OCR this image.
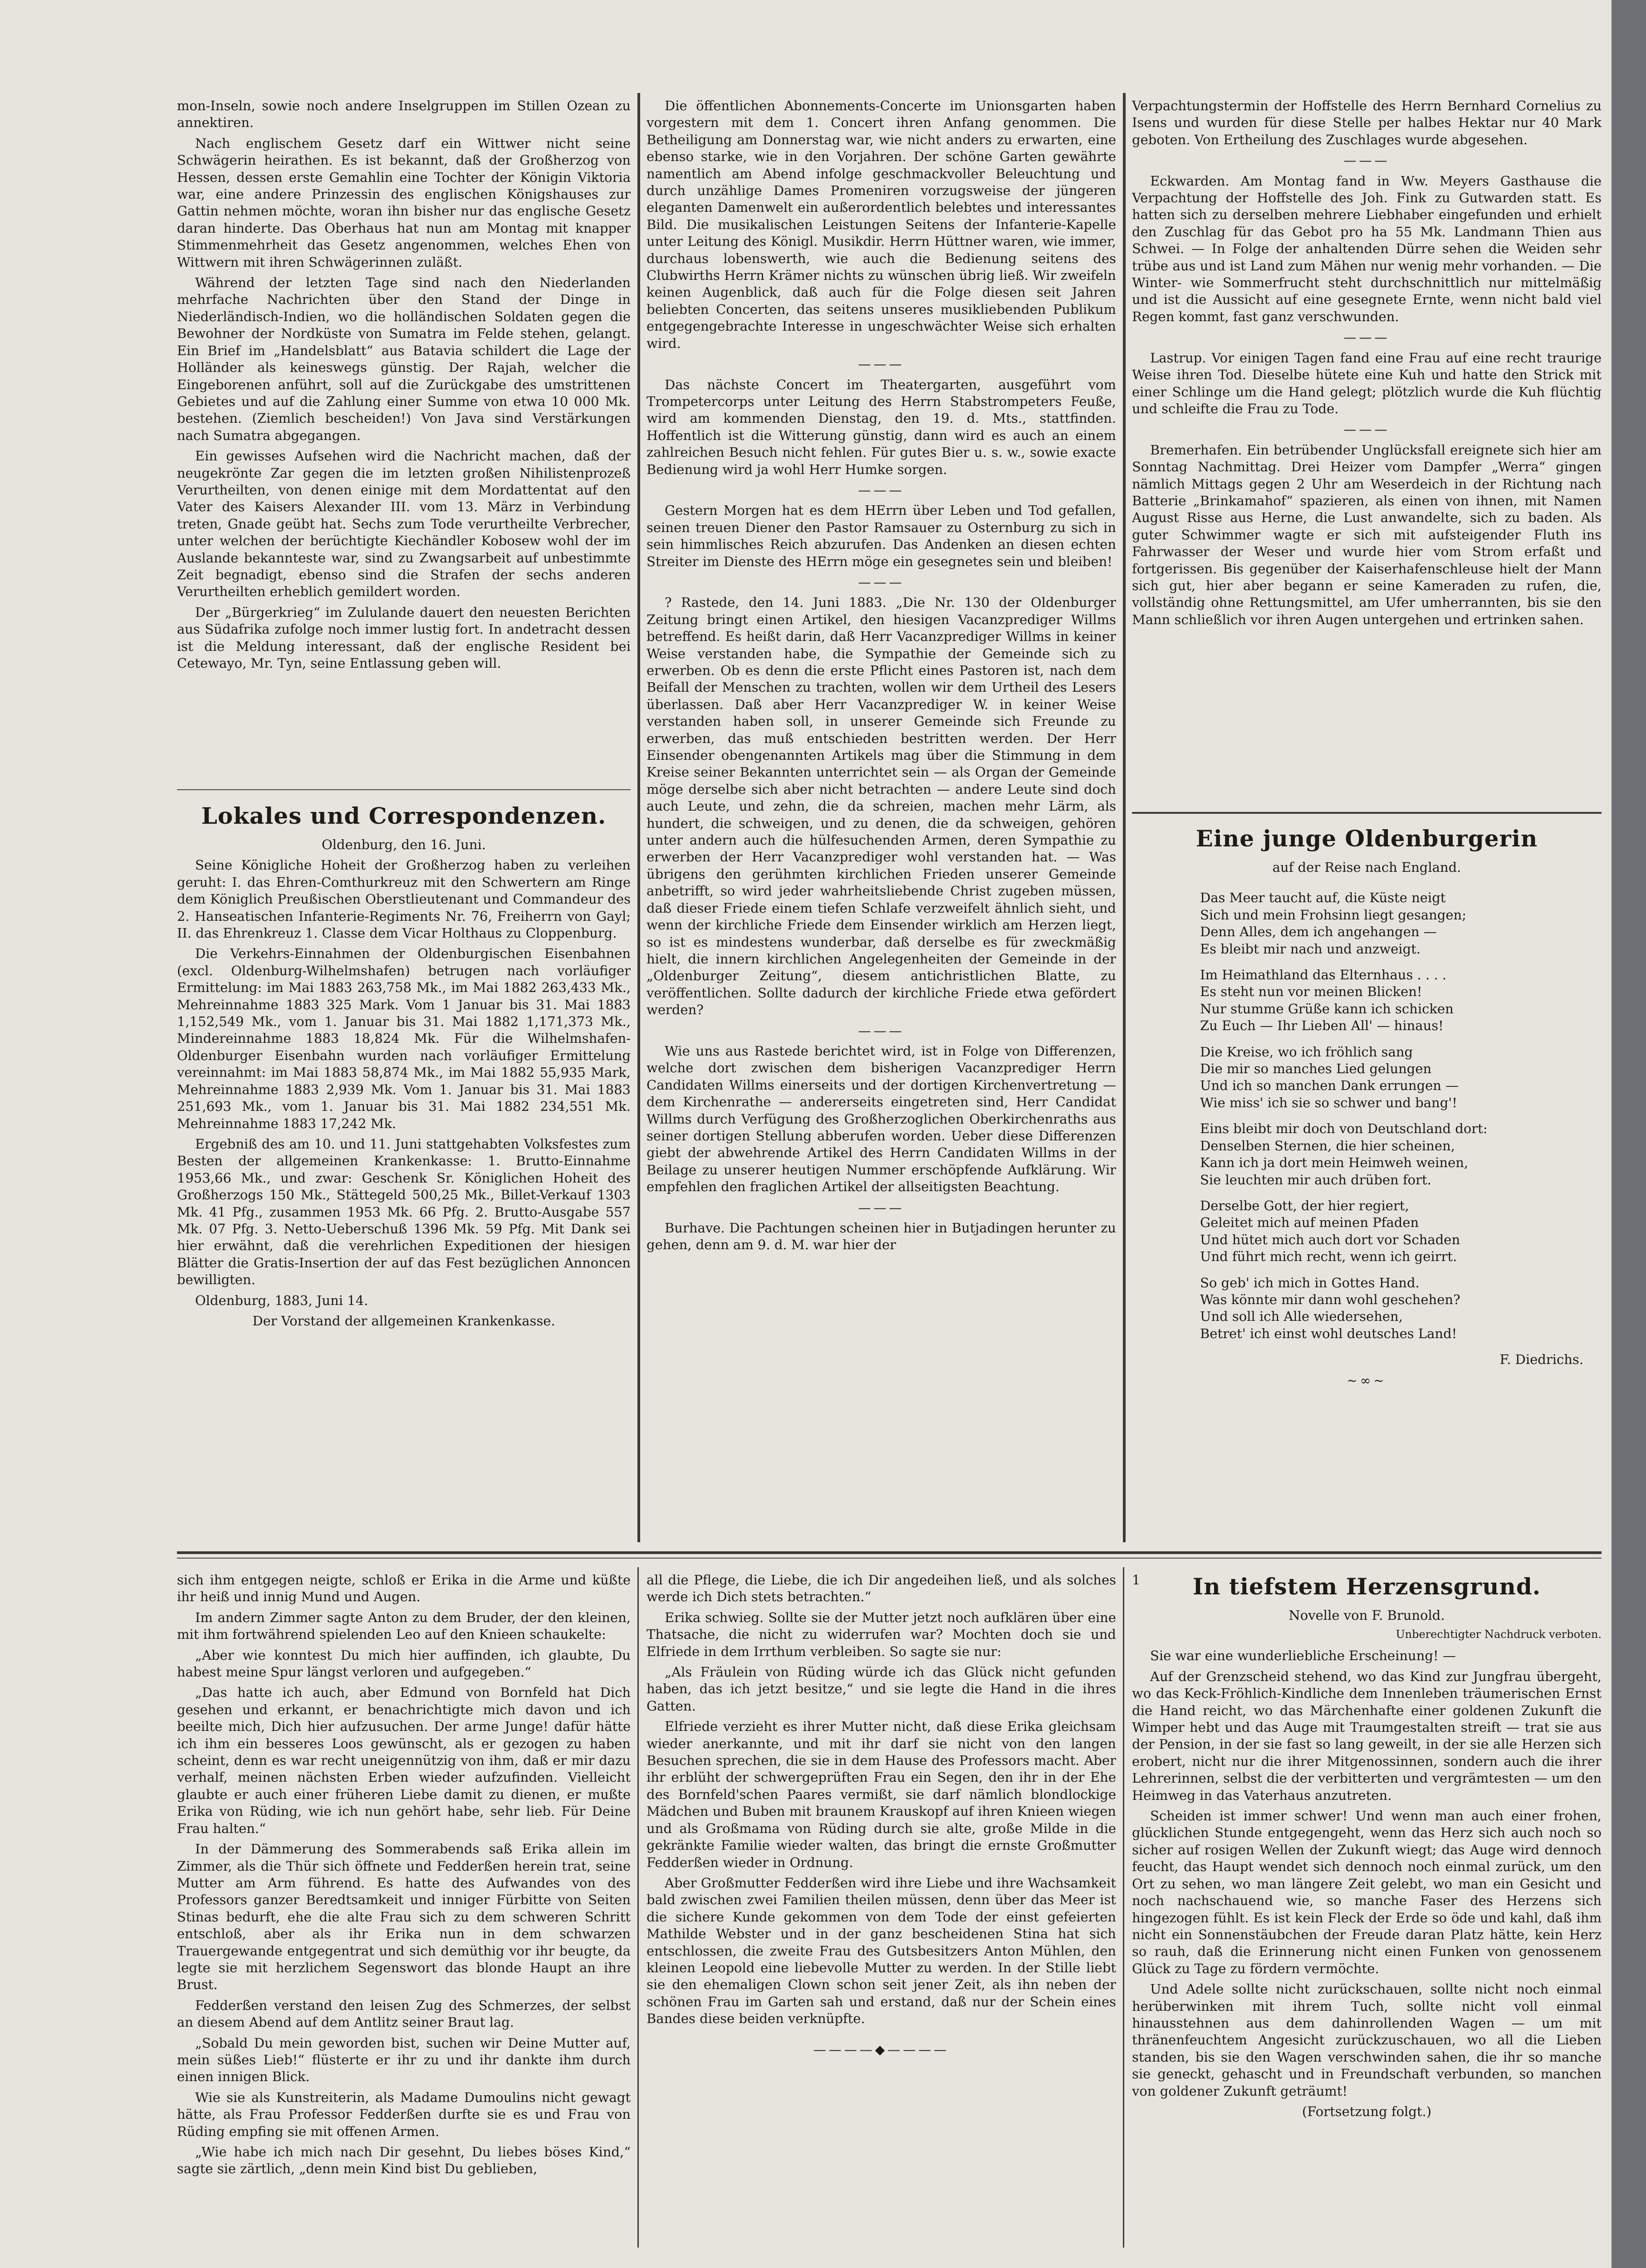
mon-Inseln, sowie noch andere Inselgruppen im Stillen Ozean zu annektiren.

Nach englischem Gesetz darf ein Wittwer nicht seine Schwägerin heirathen. Es ist bekannt, daß der Großherzog von Hessen, dessen erste Gemahlin eine Tochter der Königin Viktoria war, eine andere Prinzessin des englischen Königshauses zur Gattin nehmen möchte, woran ihn bisher nur das englische Gesetz daran hinderte. Das Oberhaus hat nun am Montag mit knapper Stimmenmehrheit das Gesetz angenommen, welches Ehen von Wittwern mit ihren Schwägerinnen zuläßt.

Während der letzten Tage sind nach den Niederlanden mehrfache Nachrichten über den Stand der Dinge in Niederländisch-Indien, wo die holländischen Soldaten gegen die Bewohner der Nordküste von Sumatra im Felde stehen, gelangt. Ein Brief im „Handelsblatt“ aus Batavia schildert die Lage der Holländer als keineswegs günstig. Der Rajah, welcher die Eingeborenen anführt, soll auf die Zurückgabe des umstrittenen Gebietes und auf die Zahlung einer Summe von etwa 10 000 Mk. bestehen. (Ziemlich bescheiden!) Von Java sind Verstärkungen nach Sumatra abgegangen.

Ein gewisses Aufsehen wird die Nachricht machen, daß der neugekrönte Zar gegen die im letzten großen Nihilistenprozeß Verurtheilten, von denen einige mit dem Mordattentat auf den Vater des Kaisers Alexander III. vom 13. März in Verbindung treten, Gnade geübt hat. Sechs zum Tode verurtheilte Verbrecher, unter welchen der berüchtigte Kiechändler Kobosew wohl der im Auslande bekannteste war, sind zu Zwangsarbeit auf unbestimmte Zeit begnadigt, ebenso sind die Strafen der sechs anderen Verurtheilten erheblich gemildert worden.

Der „Bürgerkrieg“ im Zululande dauert den neuesten Berichten aus Südafrika zufolge noch immer lustig fort. In andetracht dessen ist die Meldung interessant, daß der englische Resident bei Cetewayo, Mr. Tyn, seine Entlassung geben will.

Lokales und Correspondenzen.

Oldenburg, den 16. Juni.

Seine Königliche Hoheit der Großherzog haben zu verleihen geruht: I. das Ehren-Comthurkreuz mit den Schwertern am Ringe dem Königlich Preußischen Oberstlieutenant und Commandeur des 2. Hanseatischen Infanterie-Regiments Nr. 76, Freiherrn von Gayl; II. das Ehrenkreuz 1. Classe dem Vicar Holthaus zu Cloppenburg.

Die Verkehrs-Einnahmen der Oldenburgischen Eisenbahnen (excl. Oldenburg-Wilhelmshafen) betrugen nach vorläufiger Ermittelung: im Mai 1883 263,758 Mk., im Mai 1882 263,433 Mk., Mehreinnahme 1883 325 Mark. Vom 1 Januar bis 31. Mai 1883 1,152,549 Mk., vom 1. Januar bis 31. Mai 1882 1,171,373 Mk., Mindereinnahme 1883 18,824 Mk. Für die Wilhelmshafen-Oldenburger Eisenbahn wurden nach vorläufiger Ermittelung vereinnahmt: im Mai 1883 58,874 Mk., im Mai 1882 55,935 Mark, Mehreinnahme 1883 2,939 Mk. Vom 1. Januar bis 31. Mai 1883 251,693 Mk., vom 1. Januar bis 31. Mai 1882 234,551 Mk. Mehreinnahme 1883 17,242 Mk.

Ergebniß des am 10. und 11. Juni stattgehabten Volksfestes zum Besten der allgemeinen Krankenkasse: 1. Brutto-Einnahme 1953,66 Mk., und zwar: Geschenk Sr. Königlichen Hoheit des Großherzogs 150 Mk., Stättegeld 500,25 Mk., Billet-Verkauf 1303 Mk. 41 Pfg., zusammen 1953 Mk. 66 Pfg. 2. Brutto-Ausgabe 557 Mk. 07 Pfg. 3. Netto-Ueberschuß 1396 Mk. 59 Pfg. Mit Dank sei hier erwähnt, daß die verehrlichen Expeditionen der hiesigen Blätter die Gratis-Insertion der auf das Fest bezüglichen Annoncen bewilligten.

Oldenburg, 1883, Juni 14.

Der Vorstand der allgemeinen Krankenkasse.

Die öffentlichen Abonnements-Concerte im Unionsgarten haben vorgestern mit dem 1. Concert ihren Anfang genommen. Die Betheiligung am Donnerstag war, wie nicht anders zu erwarten, eine ebenso starke, wie in den Vorjahren. Der schöne Garten gewährte namentlich am Abend infolge geschmackvoller Beleuchtung und durch unzählige Dames Promeniren vorzugsweise der jüngeren eleganten Damenwelt ein außerordentlich belebtes und interessantes Bild. Die musikalischen Leistungen Seitens der Infanterie-Kapelle unter Leitung des Königl. Musikdir. Herrn Hüttner waren, wie immer, durchaus lobenswerth, wie auch die Bedienung seitens des Clubwirths Herrn Krämer nichts zu wünschen übrig ließ. Wir zweifeln keinen Augenblick, daß auch für die Folge diesen seit Jahren beliebten Concerten, das seitens unseres musikliebenden Publikum entgegengebrachte Interesse in ungeschwächter Weise sich erhalten wird.

———

Das nächste Concert im Theatergarten, ausgeführt vom Trompetercorps unter Leitung des Herrn Stabstrompeters Feuße, wird am kommenden Dienstag, den 19. d. Mts., stattfinden. Hoffentlich ist die Witterung günstig, dann wird es auch an einem zahlreichen Besuch nicht fehlen. Für gutes Bier u. s. w., sowie exacte Bedienung wird ja wohl Herr Humke sorgen.

———

Gestern Morgen hat es dem HErrn über Leben und Tod gefallen, seinen treuen Diener den Pastor Ramsauer zu Osternburg zu sich in sein himmlisches Reich abzurufen. Das Andenken an diesen echten Streiter im Dienste des HErrn möge ein gesegnetes sein und bleiben!

———

? Rastede, den 14. Juni 1883. „Die Nr. 130 der Oldenburger Zeitung bringt einen Artikel, den hiesigen Vacanzprediger Willms betreffend. Es heißt darin, daß Herr Vacanzprediger Willms in keiner Weise verstanden habe, die Sympathie der Gemeinde sich zu erwerben. Ob es denn die erste Pflicht eines Pastoren ist, nach dem Beifall der Menschen zu trachten, wollen wir dem Urtheil des Lesers überlassen. Daß aber Herr Vacanzprediger W. in keiner Weise verstanden haben soll, in unserer Gemeinde sich Freunde zu erwerben, das muß entschieden bestritten werden. Der Herr Einsender obengenannten Artikels mag über die Stimmung in dem Kreise seiner Bekannten unterrichtet sein — als Organ der Gemeinde möge derselbe sich aber nicht betrachten — andere Leute sind doch auch Leute, und zehn, die da schreien, machen mehr Lärm, als hundert, die schweigen, und zu denen, die da schweigen, gehören unter andern auch die hülfesuchenden Armen, deren Sympathie zu erwerben der Herr Vacanzprediger wohl verstanden hat. — Was übrigens den gerühmten kirchlichen Frieden unserer Gemeinde anbetrifft, so wird jeder wahrheitsliebende Christ zugeben müssen, daß dieser Friede einem tiefen Schlafe verzweifelt ähnlich sieht, und wenn der kirchliche Friede dem Einsender wirklich am Herzen liegt, so ist es mindestens wunderbar, daß derselbe es für zweckmäßig hielt, die innern kirchlichen Angelegenheiten der Gemeinde in der „Oldenburger Zeitung“, diesem antichristlichen Blatte, zu veröffentlichen. Sollte dadurch der kirchliche Friede etwa gefördert werden?

———

Wie uns aus Rastede berichtet wird, ist in Folge von Differenzen, welche dort zwischen dem bisherigen Vacanzprediger Herrn Candidaten Willms einerseits und der dortigen Kirchenvertretung — dem Kirchenrathe — andererseits eingetreten sind, Herr Candidat Willms durch Verfügung des Großherzoglichen Oberkirchenraths aus seiner dortigen Stellung abberufen worden. Ueber diese Differenzen giebt der abwehrende Artikel des Herrn Candidaten Willms in der Beilage zu unserer heutigen Nummer erschöpfende Aufklärung. Wir empfehlen den fraglichen Artikel der allseitigsten Beachtung.

———

Burhave. Die Pachtungen scheinen hier in Butjadingen herunter zu gehen, denn am 9. d. M. war hier der

Verpachtungstermin der Hoffstelle des Herrn Bernhard Cornelius zu Isens und wurden für diese Stelle per halbes Hektar nur 40 Mark geboten. Von Ertheilung des Zuschlages wurde abgesehen.

———

Eckwarden. Am Montag fand in Ww. Meyers Gasthause die Verpachtung der Hoffstelle des Joh. Fink zu Gutwarden statt. Es hatten sich zu derselben mehrere Liebhaber eingefunden und erhielt den Zuschlag für das Gebot pro ha 55 Mk. Landmann Thien aus Schwei. — In Folge der anhaltenden Dürre sehen die Weiden sehr trübe aus und ist Land zum Mähen nur wenig mehr vorhanden. — Die Winter- wie Sommerfrucht steht durchschnittlich nur mittelmäßig und ist die Aussicht auf eine gesegnete Ernte, wenn nicht bald viel Regen kommt, fast ganz verschwunden.

———

Lastrup. Vor einigen Tagen fand eine Frau auf eine recht traurige Weise ihren Tod. Dieselbe hütete eine Kuh und hatte den Strick mit einer Schlinge um die Hand gelegt; plötzlich wurde die Kuh flüchtig und schleifte die Frau zu Tode.

———

Bremerhafen. Ein betrübender Unglücksfall ereignete sich hier am Sonntag Nachmittag. Drei Heizer vom Dampfer „Werra“ gingen nämlich Mittags gegen 2 Uhr am Weserdeich in der Richtung nach Batterie „Brinkamahof“ spazieren, als einen von ihnen, mit Namen August Risse aus Herne, die Lust anwandelte, sich zu baden. Als guter Schwimmer wagte er sich mit aufsteigender Fluth ins Fahrwasser der Weser und wurde hier vom Strom erfaßt und fortgerissen. Bis gegenüber der Kaiserhafenschleuse hielt der Mann sich gut, hier aber begann er seine Kameraden zu rufen, die, vollständig ohne Rettungsmittel, am Ufer umherrannten, bis sie den Mann schließlich vor ihren Augen untergehen und ertrinken sahen.

Eine junge Oldenburgerin

auf der Reise nach England.

Das Meer taucht auf, die Küste neigt
Sich und mein Frohsinn liegt gesangen;
Denn Alles, dem ich angehangen —
Es bleibt mir nach und anzweigt.

Im Heimathland das Elternhaus . . . .
Es steht nun vor meinen Blicken!
Nur stumme Grüße kann ich schicken
Zu Euch — Ihr Lieben All' — hinaus!

Die Kreise, wo ich fröhlich sang
Die mir so manches Lied gelungen
Und ich so manchen Dank errungen —
Wie miss' ich sie so schwer und bang'!

Eins bleibt mir doch von Deutschland dort:
Denselben Sternen, die hier scheinen,
Kann ich ja dort mein Heimweh weinen,
Sie leuchten mir auch drüben fort.

Derselbe Gott, der hier regiert,
Geleitet mich auf meinen Pfaden
Und hütet mich auch dort vor Schaden
Und führt mich recht, wenn ich geirrt.

So geb' ich mich in Gottes Hand.
Was könnte mir dann wohl geschehen?
Und soll ich Alle wiedersehen,
Betret' ich einst wohl deutsches Land!

F. Diedrichs.

~∞~

sich ihm entgegen neigte, schloß er Erika in die Arme und küßte ihr heiß und innig Mund und Augen.

Im andern Zimmer sagte Anton zu dem Bruder, der den kleinen, mit ihm fortwährend spielenden Leo auf den Knieen schaukelte:

„Aber wie konntest Du mich hier auffinden, ich glaubte, Du habest meine Spur längst verloren und aufgegeben.“

„Das hatte ich auch, aber Edmund von Bornfeld hat Dich gesehen und erkannt, er benachrichtigte mich davon und ich beeilte mich, Dich hier aufzusuchen. Der arme Junge! dafür hätte ich ihm ein besseres Loos gewünscht, als er gezogen zu haben scheint, denn es war recht uneigennützig von ihm, daß er mir dazu verhalf, meinen nächsten Erben wieder aufzufinden. Vielleicht glaubte er auch einer früheren Liebe damit zu dienen, er mußte Erika von Rüding, wie ich nun gehört habe, sehr lieb. Für Deine Frau halten.“

In der Dämmerung des Sommerabends saß Erika allein im Zimmer, als die Thür sich öffnete und Fedderßen herein trat, seine Mutter am Arm führend. Es hatte des Aufwandes von des Professors ganzer Beredtsamkeit und inniger Fürbitte von Seiten Stinas bedurft, ehe die alte Frau sich zu dem schweren Schritt entschloß, aber als ihr Erika nun in dem schwarzen Trauergewande entgegentrat und sich demüthig vor ihr beugte, da legte sie mit herzlichem Segenswort das blonde Haupt an ihre Brust.

Fedderßen verstand den leisen Zug des Schmerzes, der selbst an diesem Abend auf dem Antlitz seiner Braut lag.

„Sobald Du mein geworden bist, suchen wir Deine Mutter auf, mein süßes Lieb!“ flüsterte er ihr zu und ihr dankte ihm durch einen innigen Blick.

Wie sie als Kunstreiterin, als Madame Dumoulins nicht gewagt hätte, als Frau Professor Fedderßen durfte sie es und Frau von Rüding empfing sie mit offenen Armen.

„Wie habe ich mich nach Dir gesehnt, Du liebes böses Kind,“ sagte sie zärtlich, „denn mein Kind bist Du geblieben,

all die Pflege, die Liebe, die ich Dir angedeihen ließ, und als solches werde ich Dich stets betrachten.“

Erika schwieg. Sollte sie der Mutter jetzt noch aufklären über eine Thatsache, die nicht zu widerrufen war? Mochten doch sie und Elfriede in dem Irrthum verbleiben. So sagte sie nur:

„Als Fräulein von Rüding würde ich das Glück nicht gefunden haben, das ich jetzt besitze,“ und sie legte die Hand in die ihres Gatten.

Elfriede verzieht es ihrer Mutter nicht, daß diese Erika gleichsam wieder anerkannte, und mit ihr darf sie nicht von den langen Besuchen sprechen, die sie in dem Hause des Professors macht. Aber ihr erblüht der schwergeprüften Frau ein Segen, den ihr in der Ehe des Bornfeld'schen Paares vermißt, sie darf nämlich blondlockige Mädchen und Buben mit braunem Krauskopf auf ihren Knieen wiegen und als Großmama von Rüding durch sie alte, große Milde in die gekränkte Familie wieder walten, das bringt die ernste Großmutter Fedderßen wieder in Ordnung.

Aber Großmutter Fedderßen wird ihre Liebe und ihre Wachsamkeit bald zwischen zwei Familien theilen müssen, denn über das Meer ist die sichere Kunde gekommen von dem Tode der einst gefeierten Mathilde Webster und in der ganz bescheidenen Stina hat sich entschlossen, die zweite Frau des Gutsbesitzers Anton Mühlen, den kleinen Leopold eine liebevolle Mutter zu werden. In der Stille liebt sie den ehemaligen Clown schon seit jener Zeit, als ihn neben der schönen Frau im Garten sah und erstand, daß nur der Schein eines Bandes diese beiden verknüpfte.

————◆————

1	In tiefstem Herzensgrund.

Novelle von F. Brunold.

Unberechtigter Nachdruck verboten.

Sie war eine wunderliebliche Erscheinung! —

Auf der Grenzscheid stehend, wo das Kind zur Jungfrau übergeht, wo das Keck-Fröhlich-Kindliche dem Innenleben träumerischen Ernst die Hand reicht, wo das Märchenhafte einer goldenen Zukunft die Wimper hebt und das Auge mit Traumgestalten streift — trat sie aus der Pension, in der sie fast so lang geweilt, in der sie alle Herzen sich erobert, nicht nur die ihrer Mitgenossinnen, sondern auch die ihrer Lehrerinnen, selbst die der verbitterten und vergrämtesten — um den Heimweg in das Vaterhaus anzutreten.

Scheiden ist immer schwer! Und wenn man auch einer frohen, glücklichen Stunde entgegengeht, wenn das Herz sich auch noch so sicher auf rosigen Wellen der Zukunft wiegt; das Auge wird dennoch feucht, das Haupt wendet sich dennoch noch einmal zurück, um den Ort zu sehen, wo man längere Zeit gelebt, wo man ein Gesicht und noch nachschauend wie, so manche Faser des Herzens sich hingezogen fühlt. Es ist kein Fleck der Erde so öde und kahl, daß ihm nicht ein Sonnenstäubchen der Freude daran Platz hätte, kein Herz so rauh, daß die Erinnerung nicht einen Funken von genossenem Glück zu Tage zu fördern vermöchte.

Und Adele sollte nicht zurückschauen, sollte nicht noch einmal herüberwinken mit ihrem Tuch, sollte nicht voll einmal hinausstehnen aus dem dahinrollenden Wagen — um mit thränenfeuchtem Angesicht zurückzuschauen, wo all die Lieben standen, bis sie den Wagen verschwinden sahen, die ihr so manche sie geneckt, gehascht und in Freundschaft verbunden, so manchen von goldener Zukunft geträumt!

(Fortsetzung folgt.)
